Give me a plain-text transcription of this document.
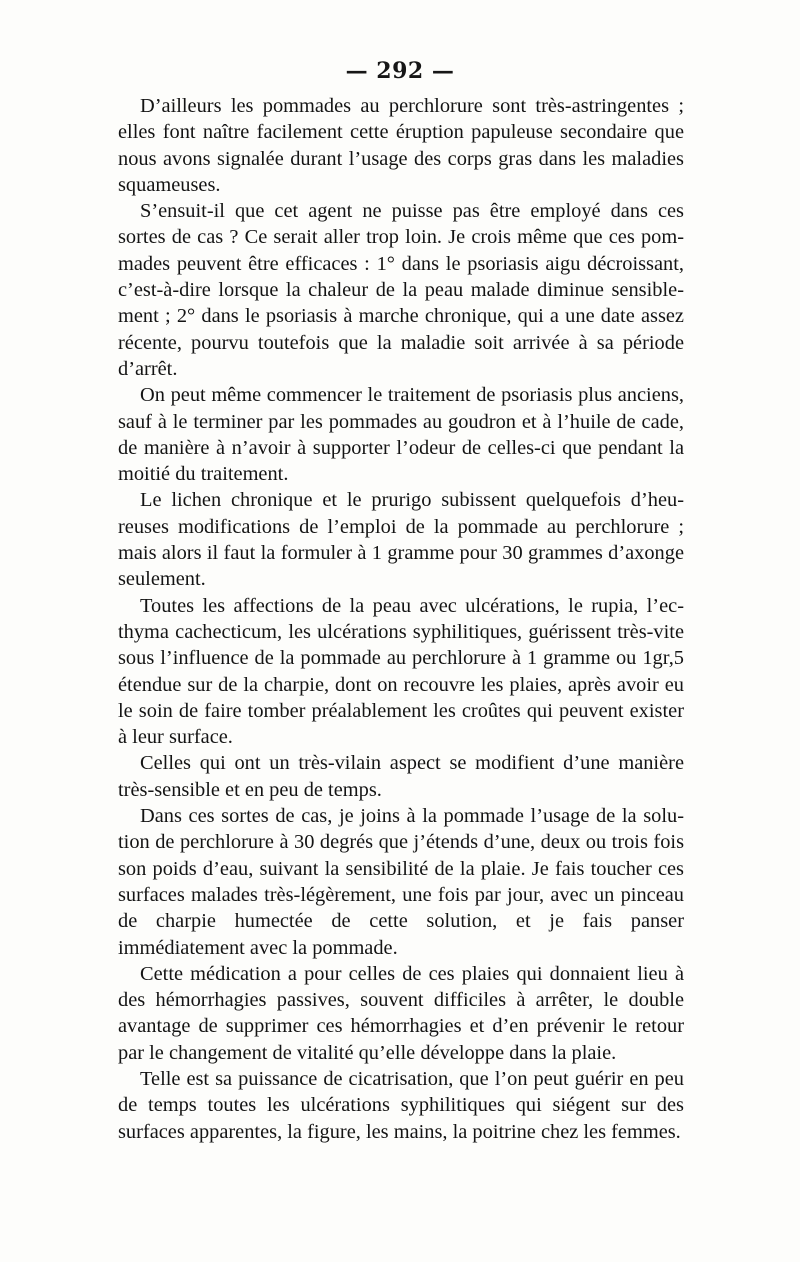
— 292 —

D’ailleurs les pommades au perchlorure sont très-astringentes ; elles font naître facilement cette éruption papuleuse secondaire que nous avons signalée durant l’usage des corps gras dans les maladies squameuses.

S’ensuit-il que cet agent ne puisse pas être employé dans ces sortes de cas ? Ce serait aller trop loin. Je crois même que ces pommades peuvent être efficaces : 1° dans le psoriasis aigu décroissant, c’est-à-dire lorsque la chaleur de la peau malade diminue sensiblement ; 2° dans le psoriasis à marche chronique, qui a une date assez récente, pourvu toutefois que la maladie soit arrivée à sa période d’arrêt.

On peut même commencer le traitement de psoriasis plus anciens, sauf à le terminer par les pommades au goudron et à l’huile de cade, de manière à n’avoir à supporter l’odeur de celles-ci que pendant la moitié du traitement.

Le lichen chronique et le prurigo subissent quelquefois d’heureuses modifications de l’emploi de la pommade au perchlorure ; mais alors il faut la formuler à 1 gramme pour 30 grammes d’axonge seulement.

Toutes les affections de la peau avec ulcérations, le rupia, l’ecthyma cachecticum, les ulcérations syphilitiques, guérissent très-vite sous l’influence de la pommade au perchlorure à 1 gramme ou 1gr,5 étendue sur de la charpie, dont on recouvre les plaies, après avoir eu le soin de faire tomber préalablement les croûtes qui peuvent exister à leur surface.

Celles qui ont un très-vilain aspect se modifient d’une manière très-sensible et en peu de temps.

Dans ces sortes de cas, je joins à la pommade l’usage de la solution de perchlorure à 30 degrés que j’étends d’une, deux ou trois fois son poids d’eau, suivant la sensibilité de la plaie. Je fais toucher ces surfaces malades très-légèrement, une fois par jour, avec un pinceau de charpie humectée de cette solution, et je fais panser immédiatement avec la pommade.

Cette médication a pour celles de ces plaies qui donnaient lieu à des hémorrhagies passives, souvent difficiles à arrêter, le double avantage de supprimer ces hémorrhagies et d’en prévenir le retour par le changement de vitalité qu’elle développe dans la plaie.

Telle est sa puissance de cicatrisation, que l’on peut guérir en peu de temps toutes les ulcérations syphilitiques qui siégent sur des surfaces apparentes, la figure, les mains, la poitrine chez les femmes.
